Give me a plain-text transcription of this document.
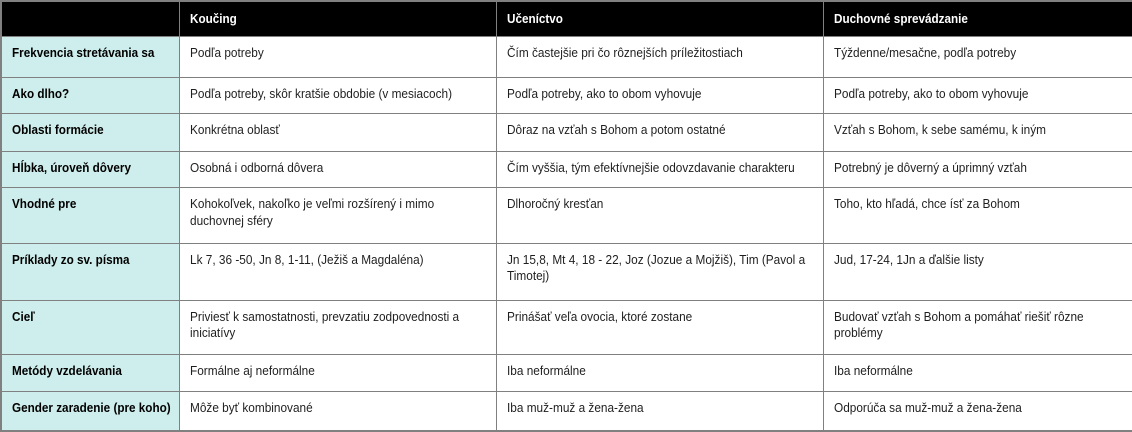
	Koučing	Učeníctvo	Duchovné sprevádzanie

Frekvencia stretávania sa	Podľa potreby	Čím častejšie pri čo rôznejších príležitostiach	Týždenne/mesačne, podľa potreby

Ako dlho?	Podľa potreby, skôr kratšie obdobie (v mesiacoch)	Podľa potreby, ako to obom vyhovuje	Podľa potreby, ako to obom vyhovuje

Oblasti formácie	Konkrétna oblasť	Dôraz na vzťah s Bohom a potom ostatné	Vzťah s Bohom, k sebe samému, k iným

Hĺbka, úroveň dôvery	Osobná i odborná dôvera	Čím vyššia, tým efektívnejšie odovzdavanie charakteru	Potrebný je dôverný a úprimný vzťah

Vhodné pre	Kohokoľvek, nakoľko je veľmi rozšírený i mimo duchovnej sféry	Dlhoročný kresťan	Toho, kto hľadá, chce ísť za Bohom

Príklady zo sv. písma	Lk 7, 36 -50, Jn 8, 1-11, (Ježiš a Magdaléna)	Jn 15,8, Mt 4, 18 - 22, Joz (Jozue a Mojžiš), Tim (Pavol a Timotej)	Jud, 17-24, 1Jn a ďalšie listy

Cieľ	Priviesť k samostatnosti, prevzatiu zodpovednosti a iniciatívy	Prinášať veľa ovocia, ktoré zostane	Budovať vzťah s Bohom a pomáhať riešiť rôzne problémy

Metódy vzdelávania	Formálne aj neformálne	Iba neformálne	Iba neformálne

Gender zaradenie (pre koho)	Môže byť kombinované	Iba muž-muž a žena-žena	Odporúča sa muž-muž a žena-žena
